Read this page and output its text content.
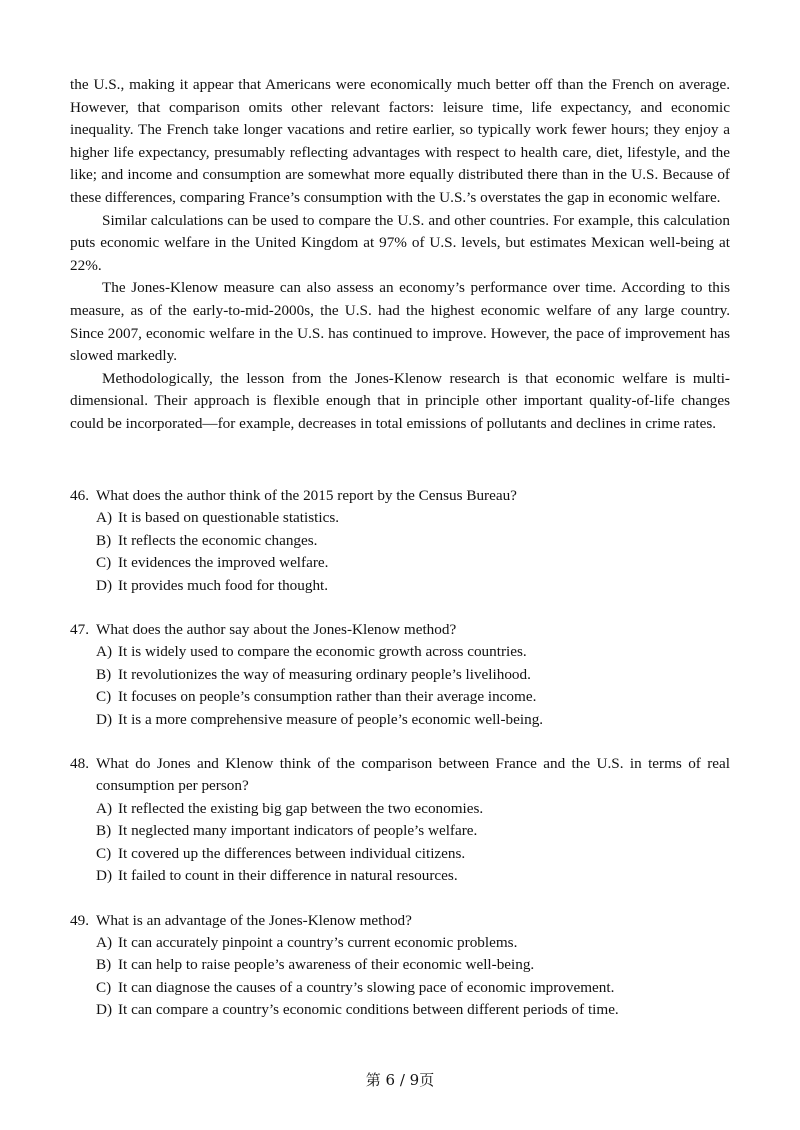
the U.S., making it appear that Americans were economically much better off than the French on average. However, that comparison omits other relevant factors: leisure time, life expectancy, and economic inequality. The French take longer vacations and retire earlier, so typically work fewer hours; they enjoy a higher life expectancy, presumably reflecting advantages with respect to health care, diet, lifestyle, and the like; and income and consumption are somewhat more equally distributed there than in the U.S. Because of these differences, comparing France’s consumption with the U.S.’s overstates the gap in economic welfare.

Similar calculations can be used to compare the U.S. and other countries. For example, this calculation puts economic welfare in the United Kingdom at 97% of U.S. levels, but estimates Mexican well-being at 22%.

The Jones-Klenow measure can also assess an economy’s performance over time. According to this measure, as of the early-to-mid-2000s, the U.S. had the highest economic welfare of any large country. Since 2007, economic welfare in the U.S. has continued to improve. However, the pace of improvement has slowed markedly.

Methodologically, the lesson from the Jones-Klenow research is that economic welfare is multi-dimensional. Their approach is flexible enough that in principle other important quality-of-life changes could be incorporated—for example, decreases in total emissions of pollutants and declines in crime rates.

46. What does the author think of the 2015 report by the Census Bureau?
A) It is based on questionable statistics.
B) It reflects the economic changes.
C) It evidences the improved welfare.
D) It provides much food for thought.
47. What does the author say about the Jones-Klenow method?
A) It is widely used to compare the economic growth across countries.
B) It revolutionizes the way of measuring ordinary people’s livelihood.
C) It focuses on people’s consumption rather than their average income.
D) It is a more comprehensive measure of people’s economic well-being.
48. What do Jones and Klenow think of the comparison between France and the U.S. in terms of real consumption per person?
A) It reflected the existing big gap between the two economies.
B) It neglected many important indicators of people’s welfare.
C) It covered up the differences between individual citizens.
D) It failed to count in their difference in natural resources.
49. What is an advantage of the Jones-Klenow method?
A) It can accurately pinpoint a country’s current economic problems.
B) It can help to raise people’s awareness of their economic well-being.
C) It can diagnose the causes of a country’s slowing pace of economic improvement.
D) It can compare a country’s economic conditions between different periods of time.
第 6 / 9页
